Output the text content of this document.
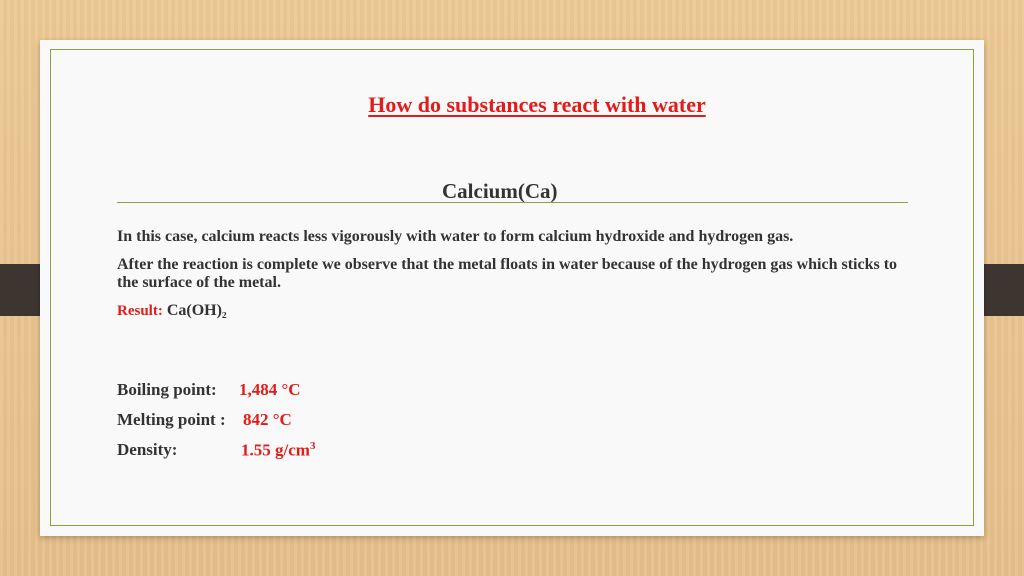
How do substances react with water
Calcium(Ca)

In this case, calcium reacts less vigorously with water to form calcium hydroxide and hydrogen gas.

After the reaction is complete we observe that the metal floats in water because of the hydrogen gas which sticks to the surface of the metal.

Result: Ca(OH)₂
Boiling point: 1,484 °C
Melting point : 842 °C
Density:	1.55 $g/cm^3$
